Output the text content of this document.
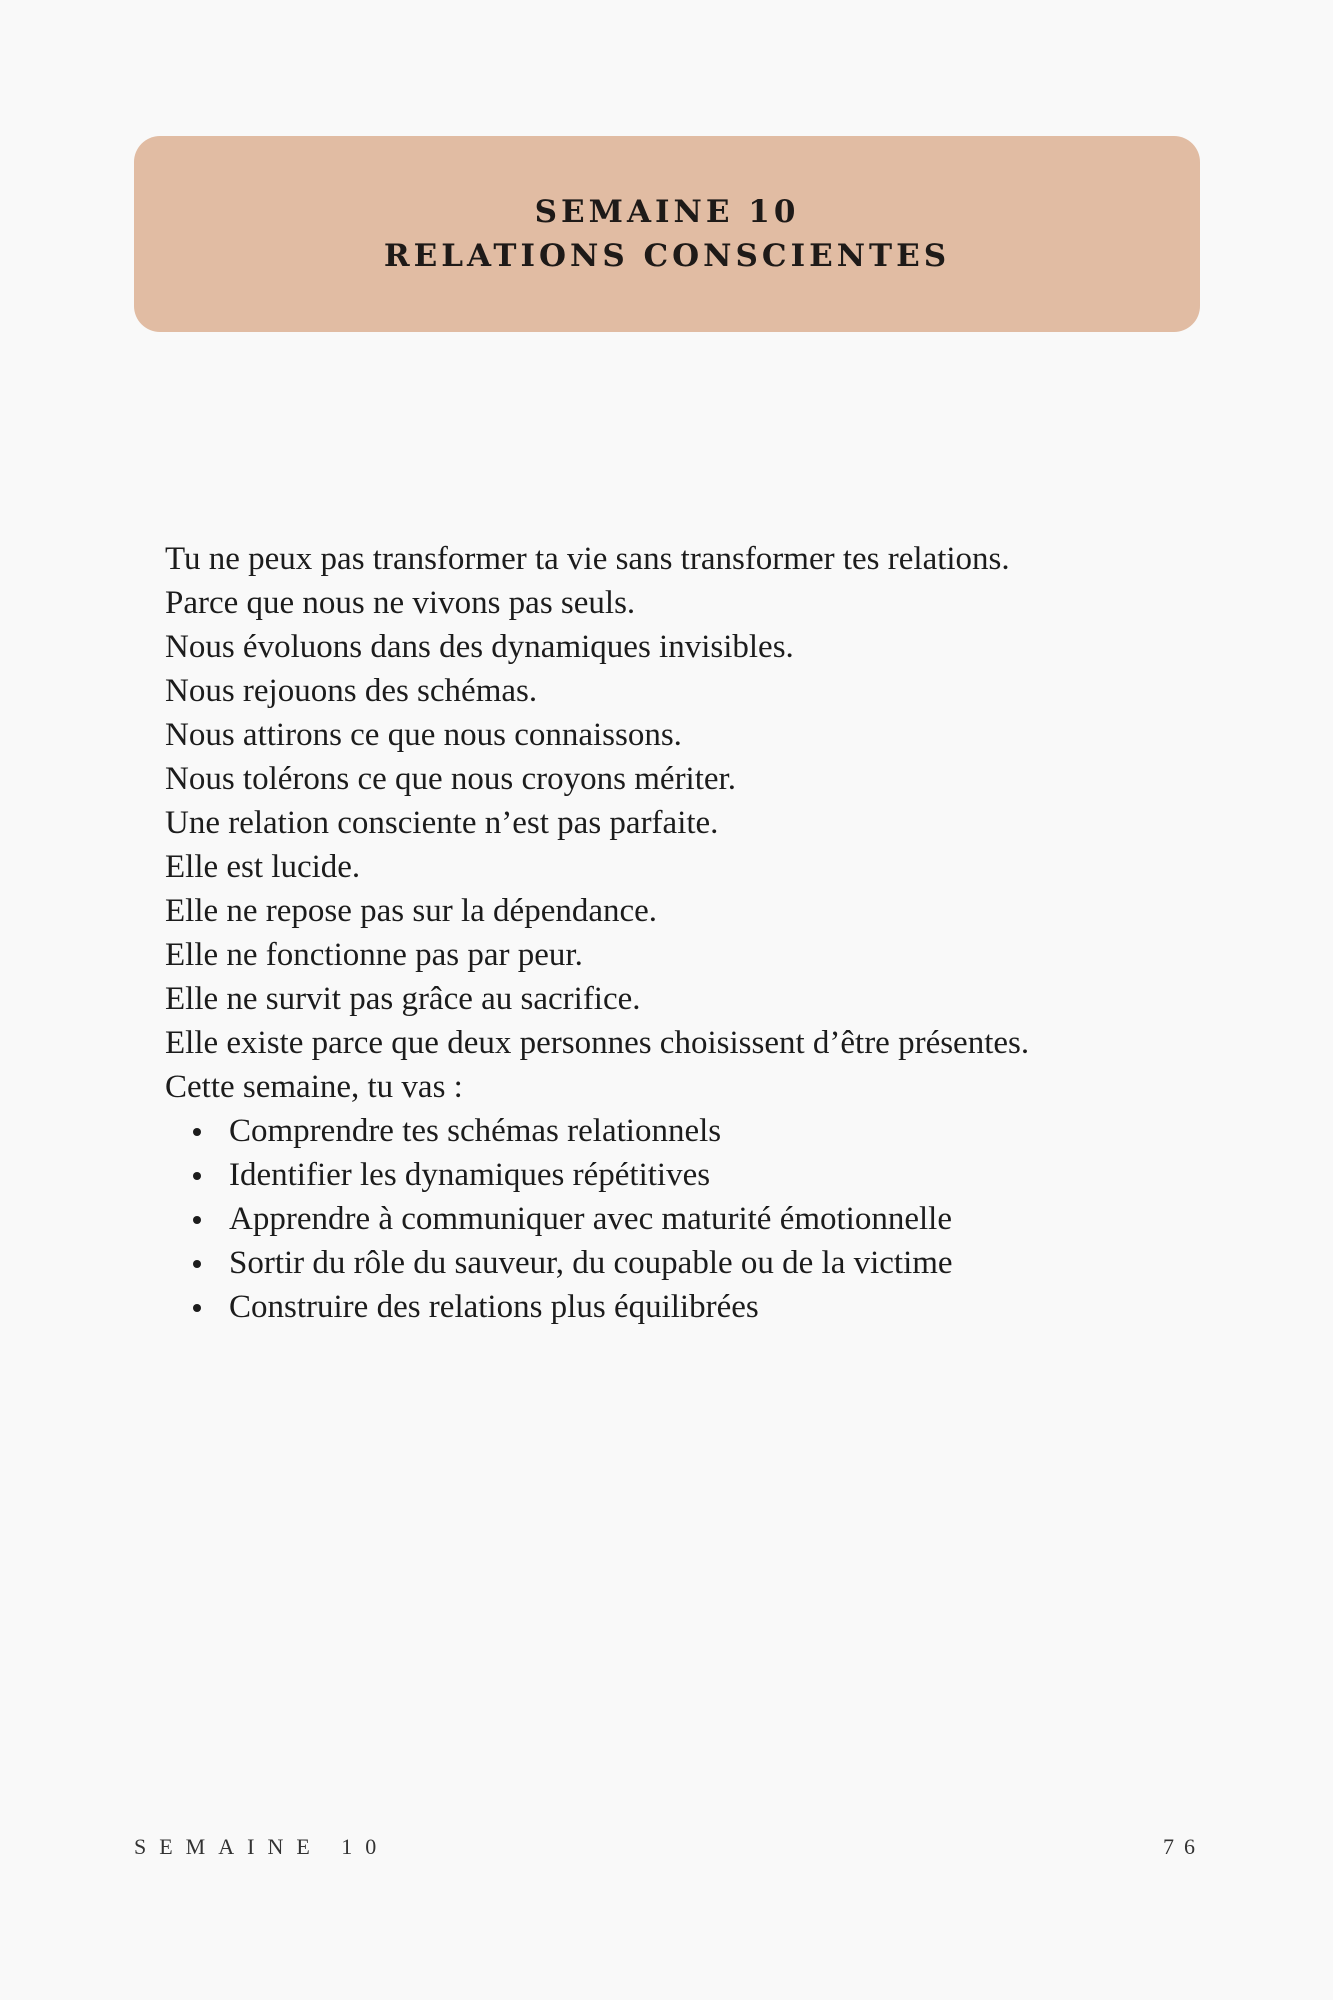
SEMAINE 10
RELATIONS CONSCIENTES

Tu ne peux pas transformer ta vie sans transformer tes relations.

Parce que nous ne vivons pas seuls.

Nous évoluons dans des dynamiques invisibles.

Nous rejouons des schémas.

Nous attirons ce que nous connaissons.

Nous tolérons ce que nous croyons mériter.

Une relation consciente n’est pas parfaite.

Elle est lucide.

Elle ne repose pas sur la dépendance.

Elle ne fonctionne pas par peur.

Elle ne survit pas grâce au sacrifice.

Elle existe parce que deux personnes choisissent d’être présentes.

Cette semaine, tu vas :

Comprendre tes schémas relationnels
Identifier les dynamiques répétitives
Apprendre à communiquer avec maturité émotionnelle
Sortir du rôle du sauveur, du coupable ou de la victime
Construire des relations plus équilibrées
SEMAINE 10	76
